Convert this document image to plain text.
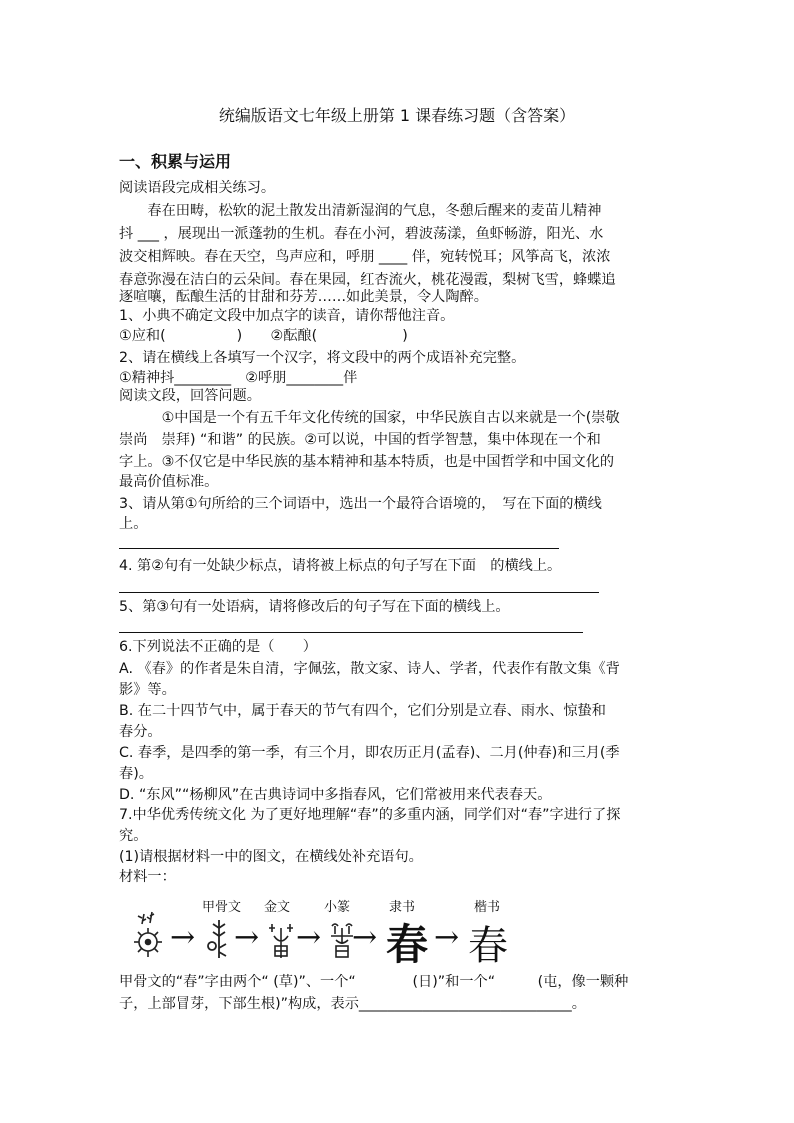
统编版语文七年级上册第 1 课春练习题（含答案）
一、积累与运用
阅读语段完成相关练习。
　　春在田畴，松软的泥土散发出清新湿润的气息，冬憩后醒来的麦苗儿精神
抖 ___ ，展现出一派蓬勃的生机。春在小河，碧波荡漾，鱼虾畅游，阳光、水
波交相辉映。春在天空，鸟声应和，呼朋 ____ 伴，宛转悦耳；风筝高飞，浓浓
春意弥漫在洁白的云朵间。春在果园，红杏流火，桃花漫霞，梨树飞雪，蜂蝶追
逐喧嚷，酝酿生活的甘甜和芬芳……如此美景，令人陶醉。
1、小典不确定文段中加点字的读音，请你帮他注音。
①应和(　　　　　)　　②酝酿(　　　　　　)
2、请在横线上各填写一个汉字，将文段中的两个成语补充完整。
①精神抖________　②呼朋________伴
阅读文段，回答问题。
　　　①中国是一个有五千年文化传统的国家，中华民族自古以来就是一个(崇敬
崇尚　崇拜) “和谐” 的民族。②可以说，中国的哲学智慧，集中体现在一个和
字上。③不仅它是中华民族的基本精神和基本特质，也是中国哲学和中国文化的
最高价值标准。
3、请从第①句所给的三个词语中，选出一个最符合语境的，　写在下面的横线
上。
4. 第②句有一处缺少标点，请将被上标点的句子写在下面　的横线上。
5、第③句有一处语病，请将修改后的句子写在下面的横线上。
6.下列说法不正确的是（　　）
A. 《春》的作者是朱自清，字佩弦，散文家、诗人、学者，代表作有散文集《背
影》等。
B. 在二十四节气中，属于春天的节气有四个，它们分别是立春、雨水、惊蛰和
春分。
C. 春季，是四季的第一季，有三个月，即农历正月(孟春)、二月(仲春)和三月(季
春)。
D. “东风”“杨柳风”在古典诗词中多指春风，它们常被用来代表春天。
7.中华优秀传统文化 为了更好地理解“春”的多重内涵，同学们对“春”字进行了探
究。
(1)请根据材料一中的图文，在横线处补充语句。
材料一：
甲骨文 金文	小篆	隶书	楷书
→ → → → 春 → 春
甲骨文的“春”字由两个“ (草)”、一个“　　　　(日)”和一个“　　　(屯，像一颗种
子，上部冒芽，下部生根)”构成，表示______________________________。
